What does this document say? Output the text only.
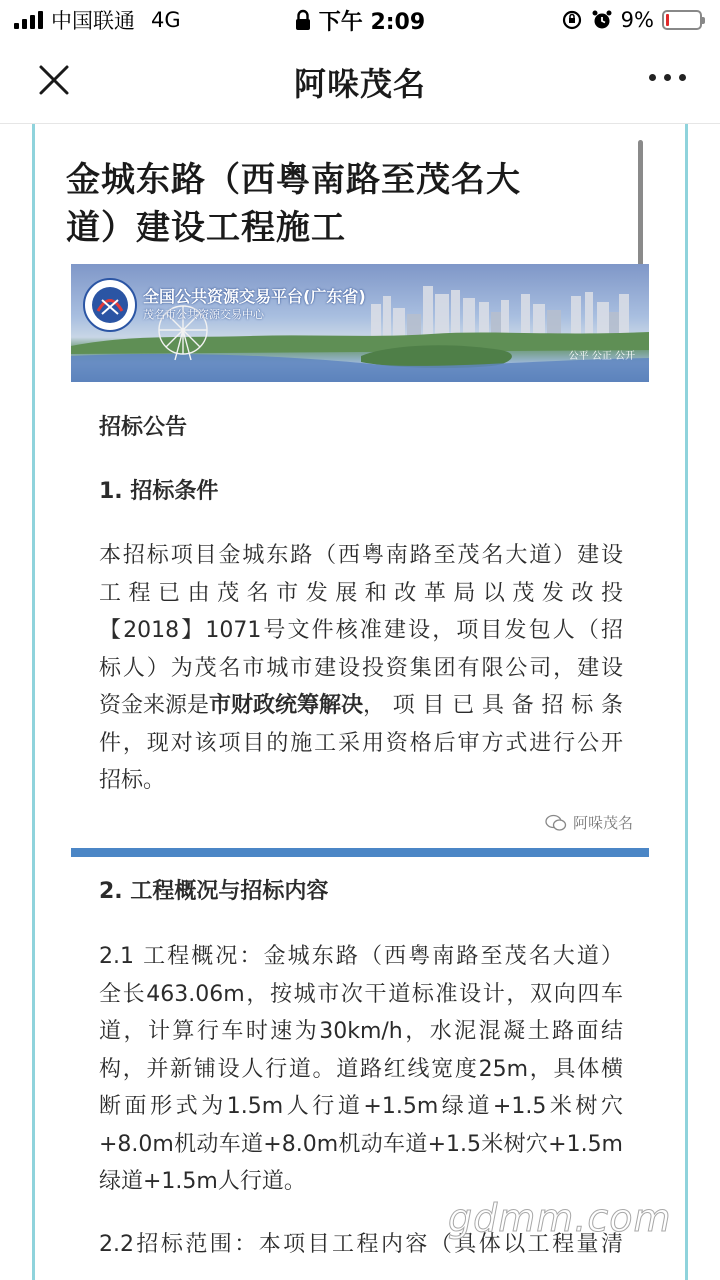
中国联通 4G	9%
下午 2:09
阿哚茂名
金城东路（西粤南路至茂名大
道）建设工程施工
全国公共资源交易平台(广东省)
茂名市公共资源交易中心
公平 公正 公开
招标公告
1. 招标条件
本招标项目金城东路（西粤南路至茂名大道）建设
工程已由茂名市发展和改革局以茂发改投
【2018】1071号文件核准建设，项目发包人（招
标人）为茂名市城市建设投资集团有限公司，建设
资金来源是 市财政统筹解决 ，项目已具备招标条
件，现对该项目的施工采用资格后审方式进行公开
招标。
阿哚茂名
2. 工程概况与招标内容
2.1 工程概况：金城东路（西粤南路至茂名大道）
全长463.06m，按城市次干道标准设计，双向四车
道，计算行车时速为30km/h，水泥混凝土路面结
构，并新铺设人行道。道路红线宽度25m，具体横
断面形式为1.5m人行道+1.5m绿道+1.5米树穴
+8.0m机动车道+8.0m机动车道+1.5米树穴+1.5m
绿道+1.5m人行道。
2.2招标范围：本项目工程内容（具体以工程量清
gdmm.com
